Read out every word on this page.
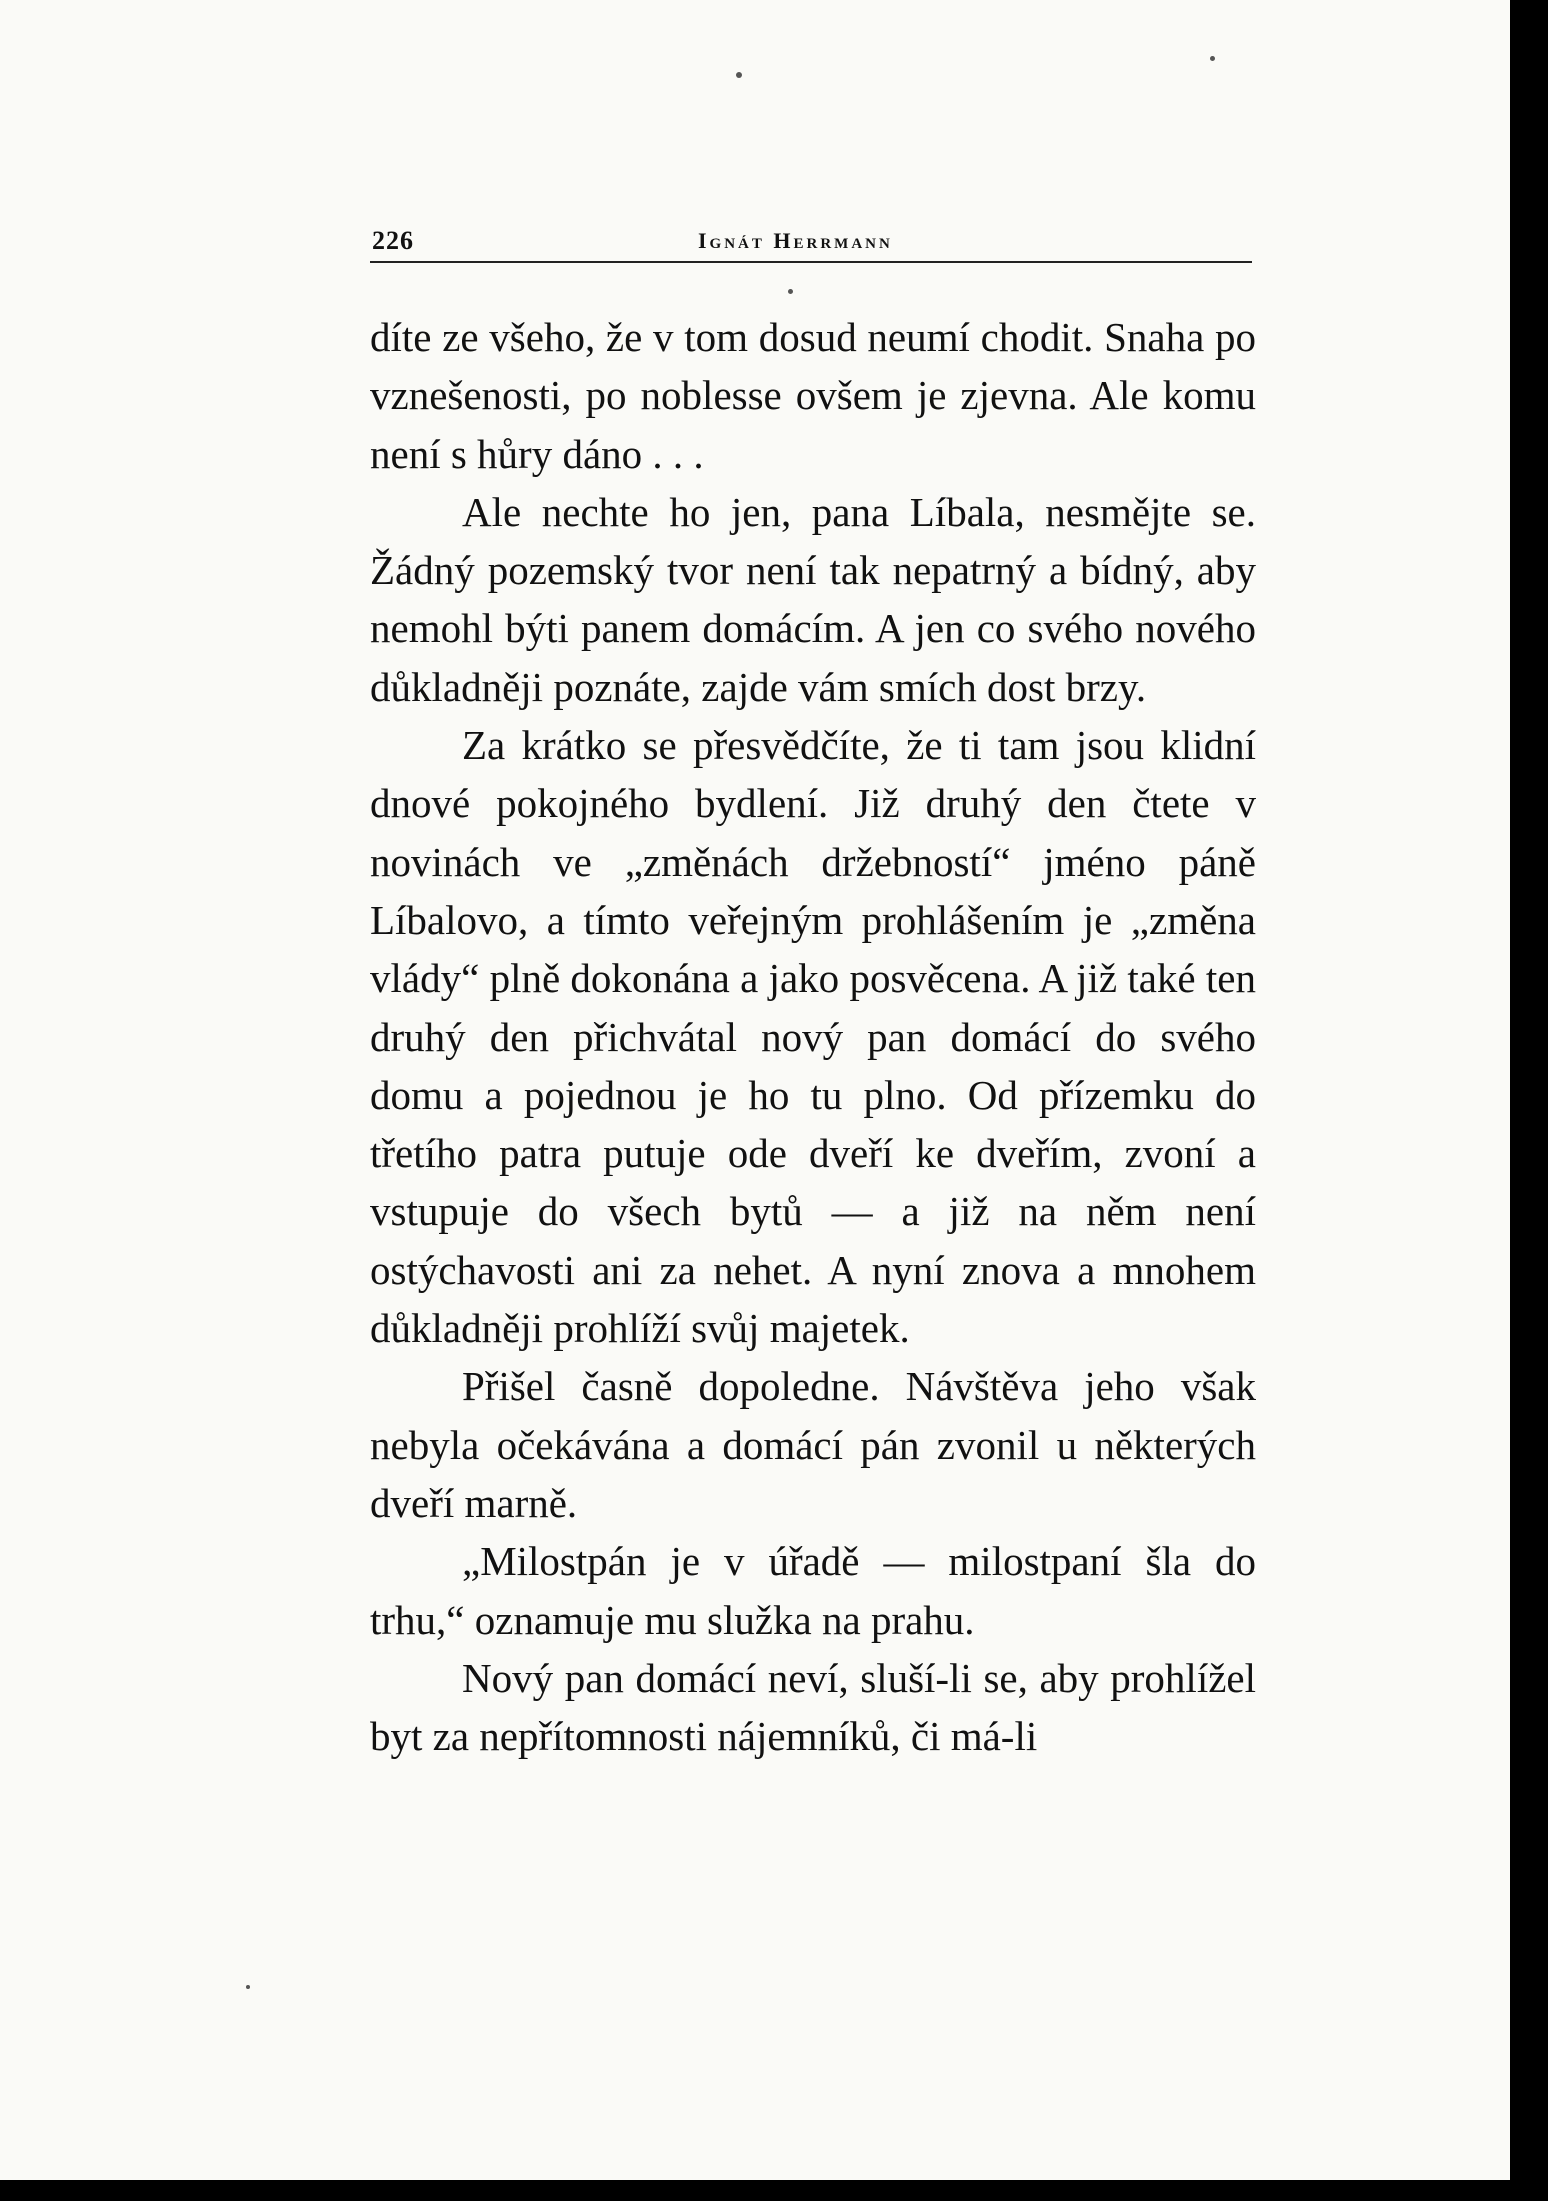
226	Ignát Herrmann

díte ze všeho, že v tom dosud neumí chodit. Snaha po vznešenosti, po noblesse ovšem je zjevna. Ale komu není s hůry dáno . . .

Ale nechte ho jen, pana Líbala, nesmějte se. Žádný pozemský tvor není tak nepatrný a bídný, aby nemohl býti panem domácím. A jen co svého nového důkladněji poznáte, zajde vám smích dost brzy.

Za krátko se přesvědčíte, že ti tam jsou klidní dnové pokojného bydlení. Již druhý den čtete v novinách ve „změnách držebností“ jméno páně Líbalovo, a tímto veřejným prohlášením je „změna vlády“ plně dokonána a jako posvěcena. A již také ten druhý den přichvátal nový pan domácí do svého domu a pojednou je ho tu plno. Od přízemku do třetího patra putuje ode dveří ke dveřím, zvoní a vstupuje do všech bytů — a již na něm není ostýchavosti ani za nehet. A nyní znova a mnohem důkladněji prohlíží svůj majetek.

Přišel časně dopoledne. Návštěva jeho však nebyla očekávána a domácí pán zvonil u některých dveří marně.

„Milostpán je v úřadě — milostpaní šla do trhu,“ oznamuje mu služka na prahu.

Nový pan domácí neví, sluší-li se, aby prohlížel byt za nepřítomnosti nájemníků, či má-li
